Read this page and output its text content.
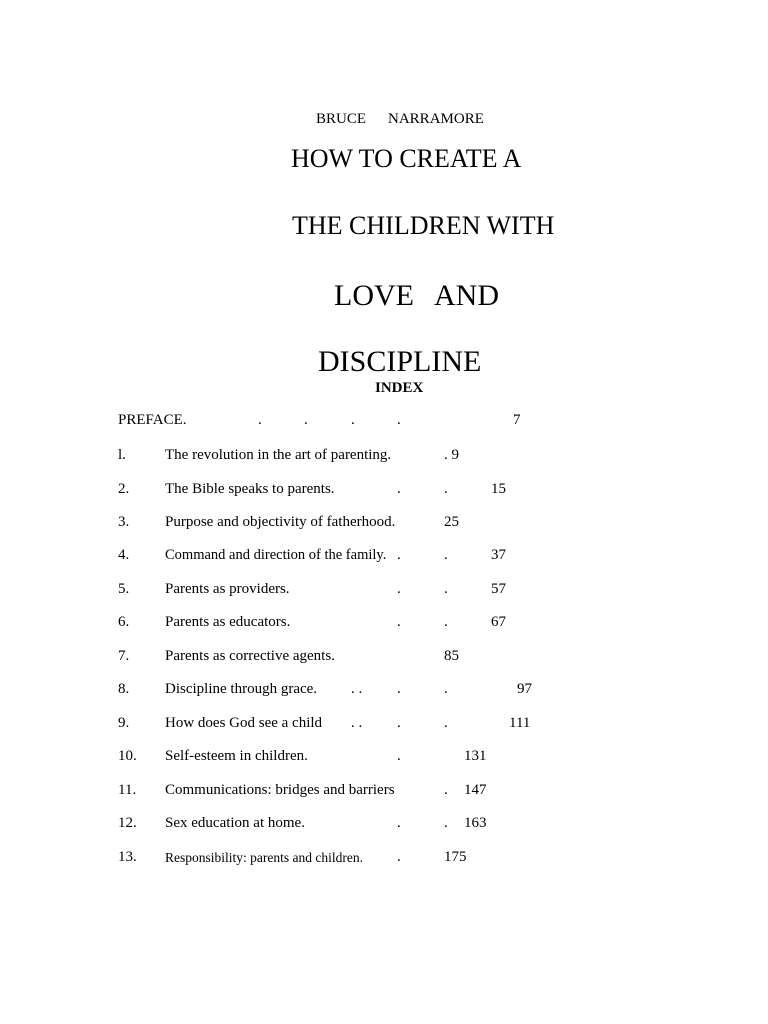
BRUCE NARRAMORE
HOW TO CREATE A
THE CHILDREN WITH
LOVE AND
DISCIPLINE
INDEX
PREFACE.	.	.	.	.	7
l.	The revolution in the art of parenting.	. 9
2. The Bible speaks to parents.	.	.	15
3. Purpose and objectivity of fatherhood.	25
4. Command and direction of the family. .	.	37
5. Parents as providers.	.	.	57
6. Parents as educators.	.	.	67
7. Parents as corrective agents.	85
8. Discipline through grace. . . .	.	97
9. How does God see a child . . .	.	111
10. Self-esteem in children.	.	131
11. Communications: bridges and barriers	. 147
12. Sex education at home.	.	. 163
13. Responsibility: parents and children. .	175
